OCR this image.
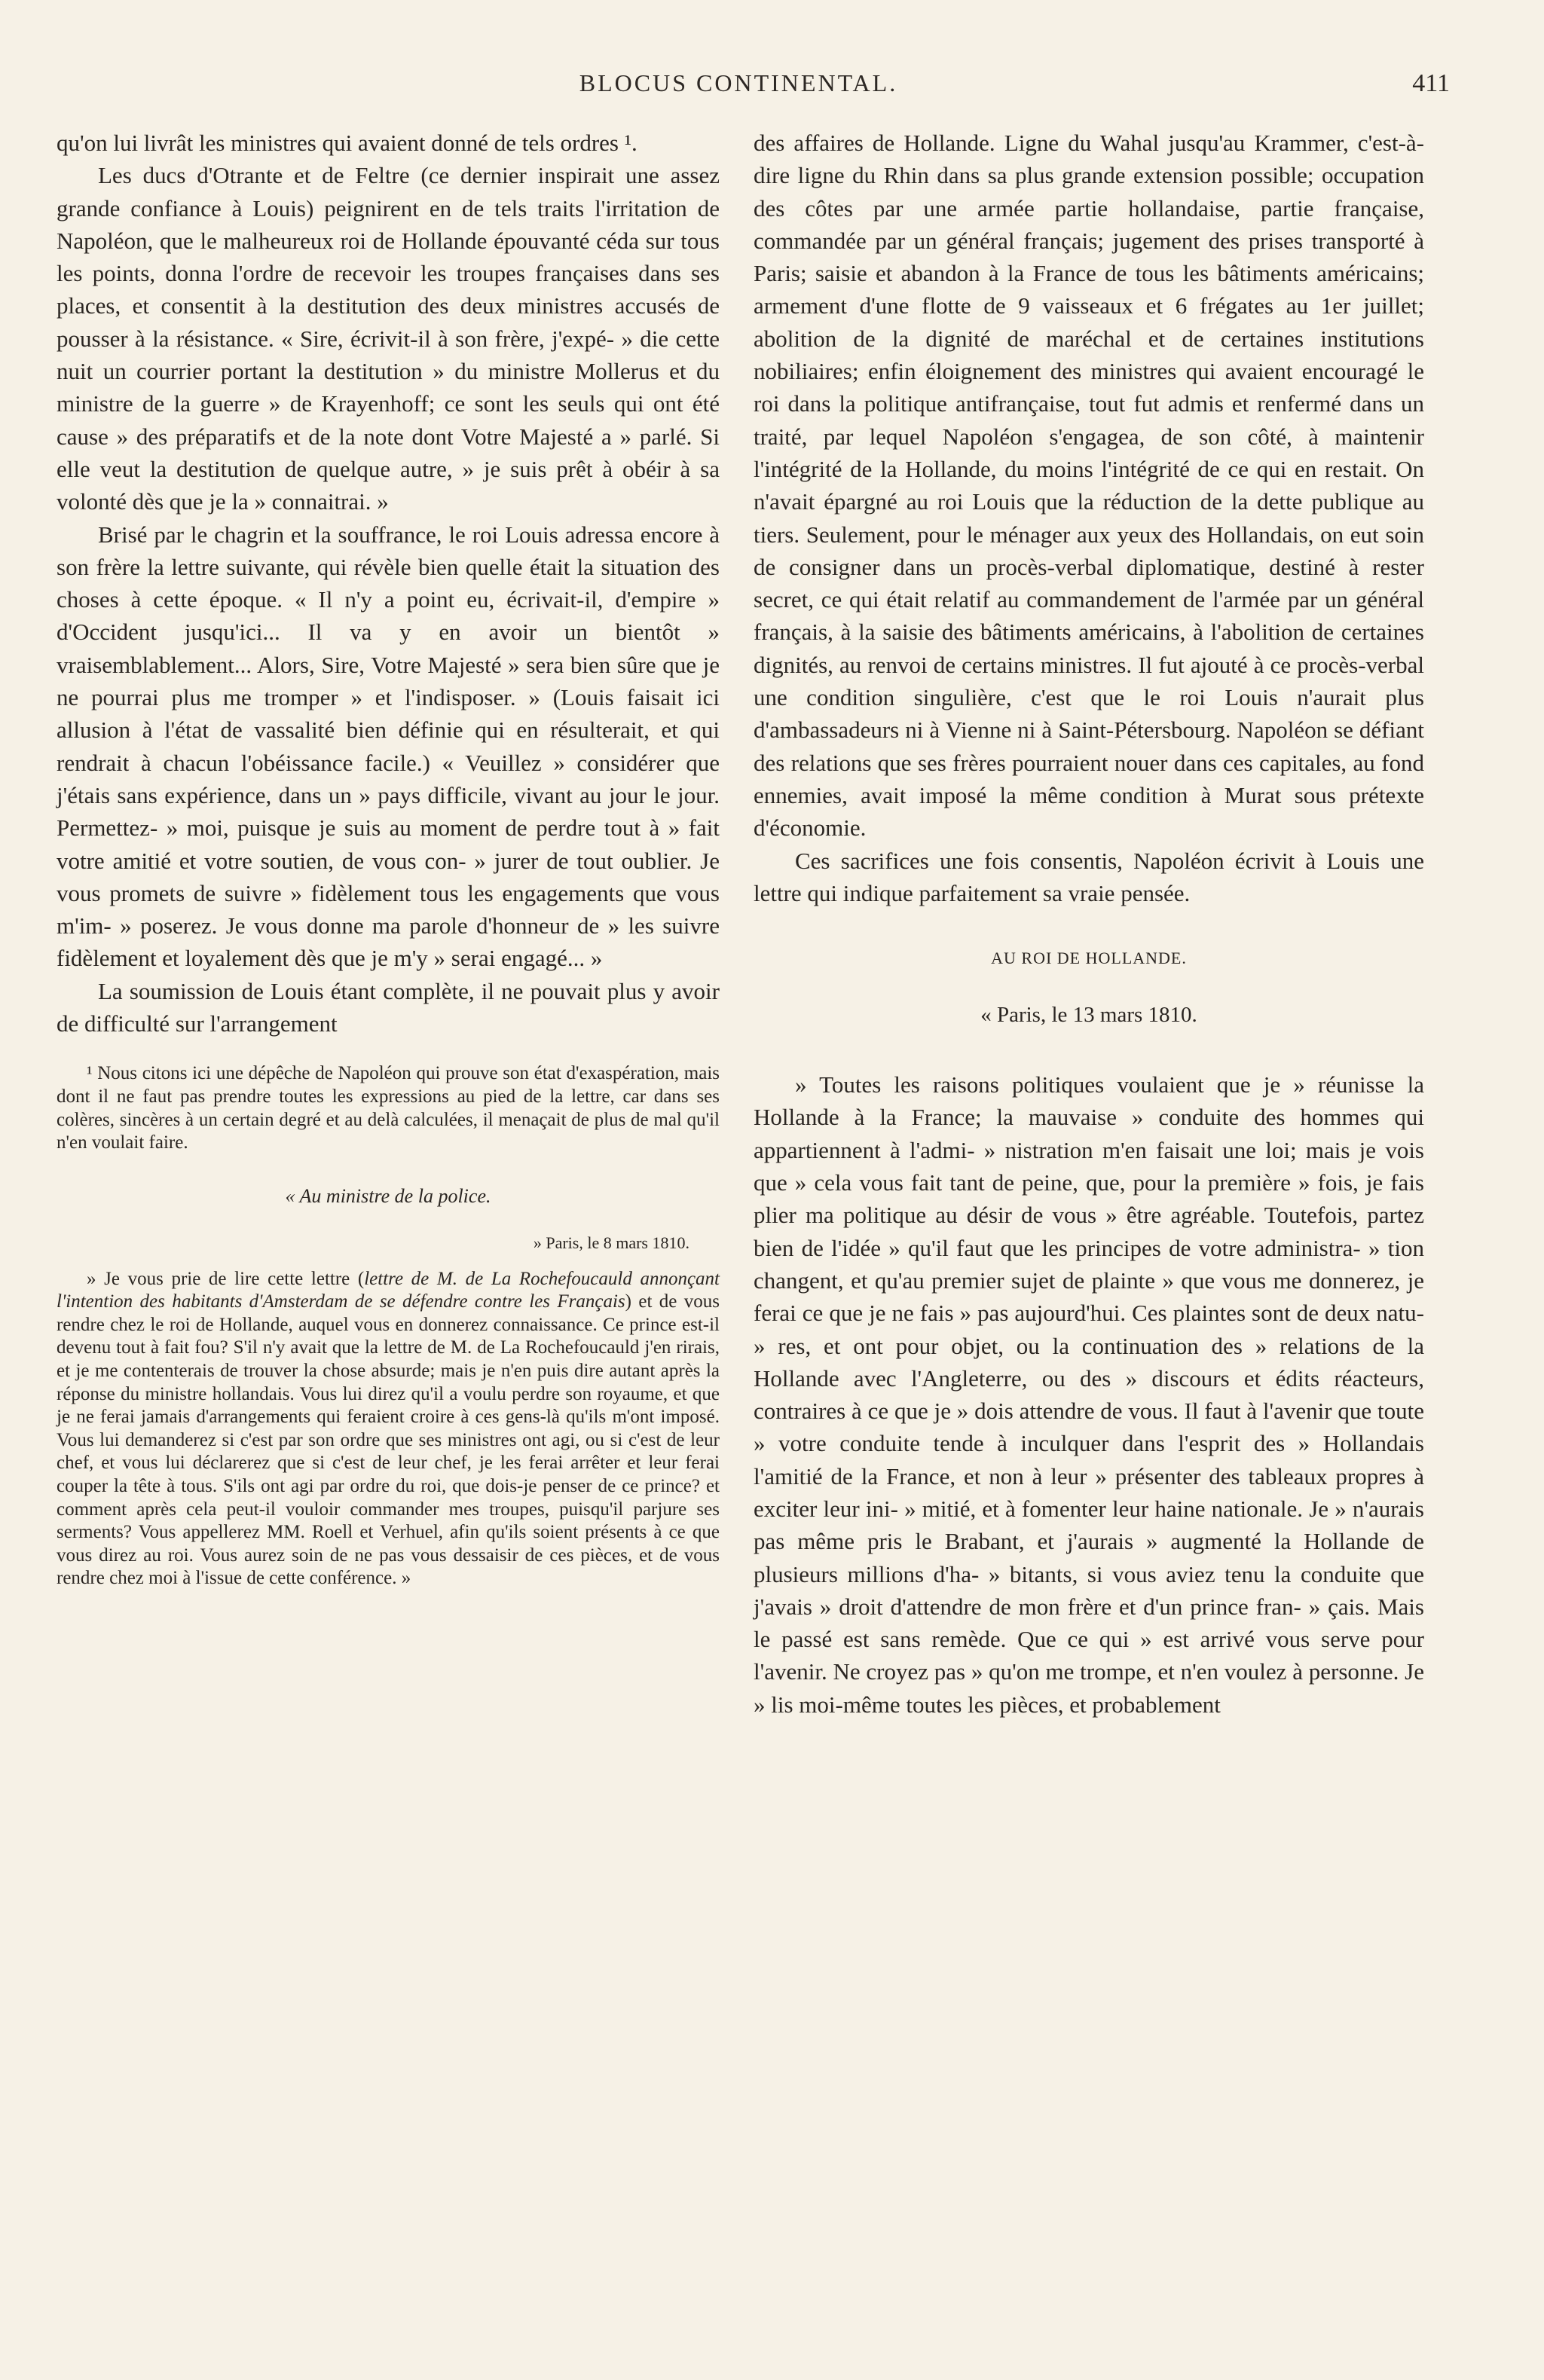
BLOCUS CONTINENTAL.	411

qu'on lui livrât les ministres qui avaient donné de tels ordres ¹.

Les ducs d'Otrante et de Feltre (ce dernier inspirait une assez grande confiance à Louis) peignirent en de tels traits l'irritation de Napoléon, que le malheureux roi de Hollande épouvanté céda sur tous les points, donna l'ordre de recevoir les troupes françaises dans ses places, et consentit à la destitution des deux ministres accusés de pousser à la résistance. « Sire, écrivit-il à son frère, j'expé- » die cette nuit un courrier portant la destitution » du ministre Mollerus et du ministre de la guerre » de Krayenhoff; ce sont les seuls qui ont été cause » des préparatifs et de la note dont Votre Majesté a » parlé. Si elle veut la destitution de quelque autre, » je suis prêt à obéir à sa volonté dès que je la » connaitrai. »

Brisé par le chagrin et la souffrance, le roi Louis adressa encore à son frère la lettre suivante, qui révèle bien quelle était la situation des choses à cette époque. « Il n'y a point eu, écrivait-il, d'empire » d'Occident jusqu'ici... Il va y en avoir un bientôt » vraisemblablement... Alors, Sire, Votre Majesté » sera bien sûre que je ne pourrai plus me tromper » et l'indisposer. » (Louis faisait ici allusion à l'état de vassalité bien définie qui en résulterait, et qui rendrait à chacun l'obéissance facile.) « Veuillez » considérer que j'étais sans expérience, dans un » pays difficile, vivant au jour le jour. Permettez- » moi, puisque je suis au moment de perdre tout à » fait votre amitié et votre soutien, de vous con- » jurer de tout oublier. Je vous promets de suivre » fidèlement tous les engagements que vous m'im- » poserez. Je vous donne ma parole d'honneur de » les suivre fidèlement et loyalement dès que je m'y » serai engagé... »

La soumission de Louis étant complète, il ne pouvait plus y avoir de difficulté sur l'arrangement

¹ Nous citons ici une dépêche de Napoléon qui prouve son état d'exaspération, mais dont il ne faut pas prendre toutes les expressions au pied de la lettre, car dans ses colères, sincères à un certain degré et au delà calculées, il menaçait de plus de mal qu'il n'en voulait faire.

« Au ministre de la police.
» Paris, le 8 mars 1810.

» Je vous prie de lire cette lettre (lettre de M. de La Rochefoucauld annonçant l'intention des habitants d'Amsterdam de se défendre contre les Français) et de vous rendre chez le roi de Hollande, auquel vous en donnerez connaissance. Ce prince est-il devenu tout à fait fou? S'il n'y avait que la lettre de M. de La Rochefoucauld j'en rirais, et je me contenterais de trouver la chose absurde; mais je n'en puis dire autant après la réponse du ministre hollandais. Vous lui direz qu'il a voulu perdre son royaume, et que je ne ferai jamais d'arrangements qui feraient croire à ces gens-là qu'ils m'ont imposé. Vous lui demanderez si c'est par son ordre que ses ministres ont agi, ou si c'est de leur chef, et vous lui déclarerez que si c'est de leur chef, je les ferai arrêter et leur ferai couper la tête à tous. S'ils ont agi par ordre du roi, que dois-je penser de ce prince? et comment après cela peut-il vouloir commander mes troupes, puisqu'il parjure ses serments? Vous appellerez MM. Roell et Verhuel, afin qu'ils soient présents à ce que vous direz au roi. Vous aurez soin de ne pas vous dessaisir de ces pièces, et de vous rendre chez moi à l'issue de cette conférence. »

des affaires de Hollande. Ligne du Wahal jusqu'au Krammer, c'est-à-dire ligne du Rhin dans sa plus grande extension possible; occupation des côtes par une armée partie hollandaise, partie française, commandée par un général français; jugement des prises transporté à Paris; saisie et abandon à la France de tous les bâtiments américains; armement d'une flotte de 9 vaisseaux et 6 frégates au 1er juillet; abolition de la dignité de maréchal et de certaines institutions nobiliaires; enfin éloignement des ministres qui avaient encouragé le roi dans la politique antifrançaise, tout fut admis et renfermé dans un traité, par lequel Napoléon s'engagea, de son côté, à maintenir l'intégrité de la Hollande, du moins l'intégrité de ce qui en restait. On n'avait épargné au roi Louis que la réduction de la dette publique au tiers. Seulement, pour le ménager aux yeux des Hollandais, on eut soin de consigner dans un procès-verbal diplomatique, destiné à rester secret, ce qui était relatif au commandement de l'armée par un général français, à la saisie des bâtiments américains, à l'abolition de certaines dignités, au renvoi de certains ministres. Il fut ajouté à ce procès-verbal une condition singulière, c'est que le roi Louis n'aurait plus d'ambassadeurs ni à Vienne ni à Saint-Pétersbourg. Napoléon se défiant des relations que ses frères pourraient nouer dans ces capitales, au fond ennemies, avait imposé la même condition à Murat sous prétexte d'économie.

Ces sacrifices une fois consentis, Napoléon écrivit à Louis une lettre qui indique parfaitement sa vraie pensée.

AU ROI DE HOLLANDE.
« Paris, le 13 mars 1810.

» Toutes les raisons politiques voulaient que je » réunisse la Hollande à la France; la mauvaise » conduite des hommes qui appartiennent à l'admi- » nistration m'en faisait une loi; mais je vois que » cela vous fait tant de peine, que, pour la première » fois, je fais plier ma politique au désir de vous » être agréable. Toutefois, partez bien de l'idée » qu'il faut que les principes de votre administra- » tion changent, et qu'au premier sujet de plainte » que vous me donnerez, je ferai ce que je ne fais » pas aujourd'hui. Ces plaintes sont de deux natu- » res, et ont pour objet, ou la continuation des » relations de la Hollande avec l'Angleterre, ou des » discours et édits réacteurs, contraires à ce que je » dois attendre de vous. Il faut à l'avenir que toute » votre conduite tende à inculquer dans l'esprit des » Hollandais l'amitié de la France, et non à leur » présenter des tableaux propres à exciter leur ini- » mitié, et à fomenter leur haine nationale. Je » n'aurais pas même pris le Brabant, et j'aurais » augmenté la Hollande de plusieurs millions d'ha- » bitants, si vous aviez tenu la conduite que j'avais » droit d'attendre de mon frère et d'un prince fran- » çais. Mais le passé est sans remède. Que ce qui » est arrivé vous serve pour l'avenir. Ne croyez pas » qu'on me trompe, et n'en voulez à personne. Je » lis moi-même toutes les pièces, et probablement
